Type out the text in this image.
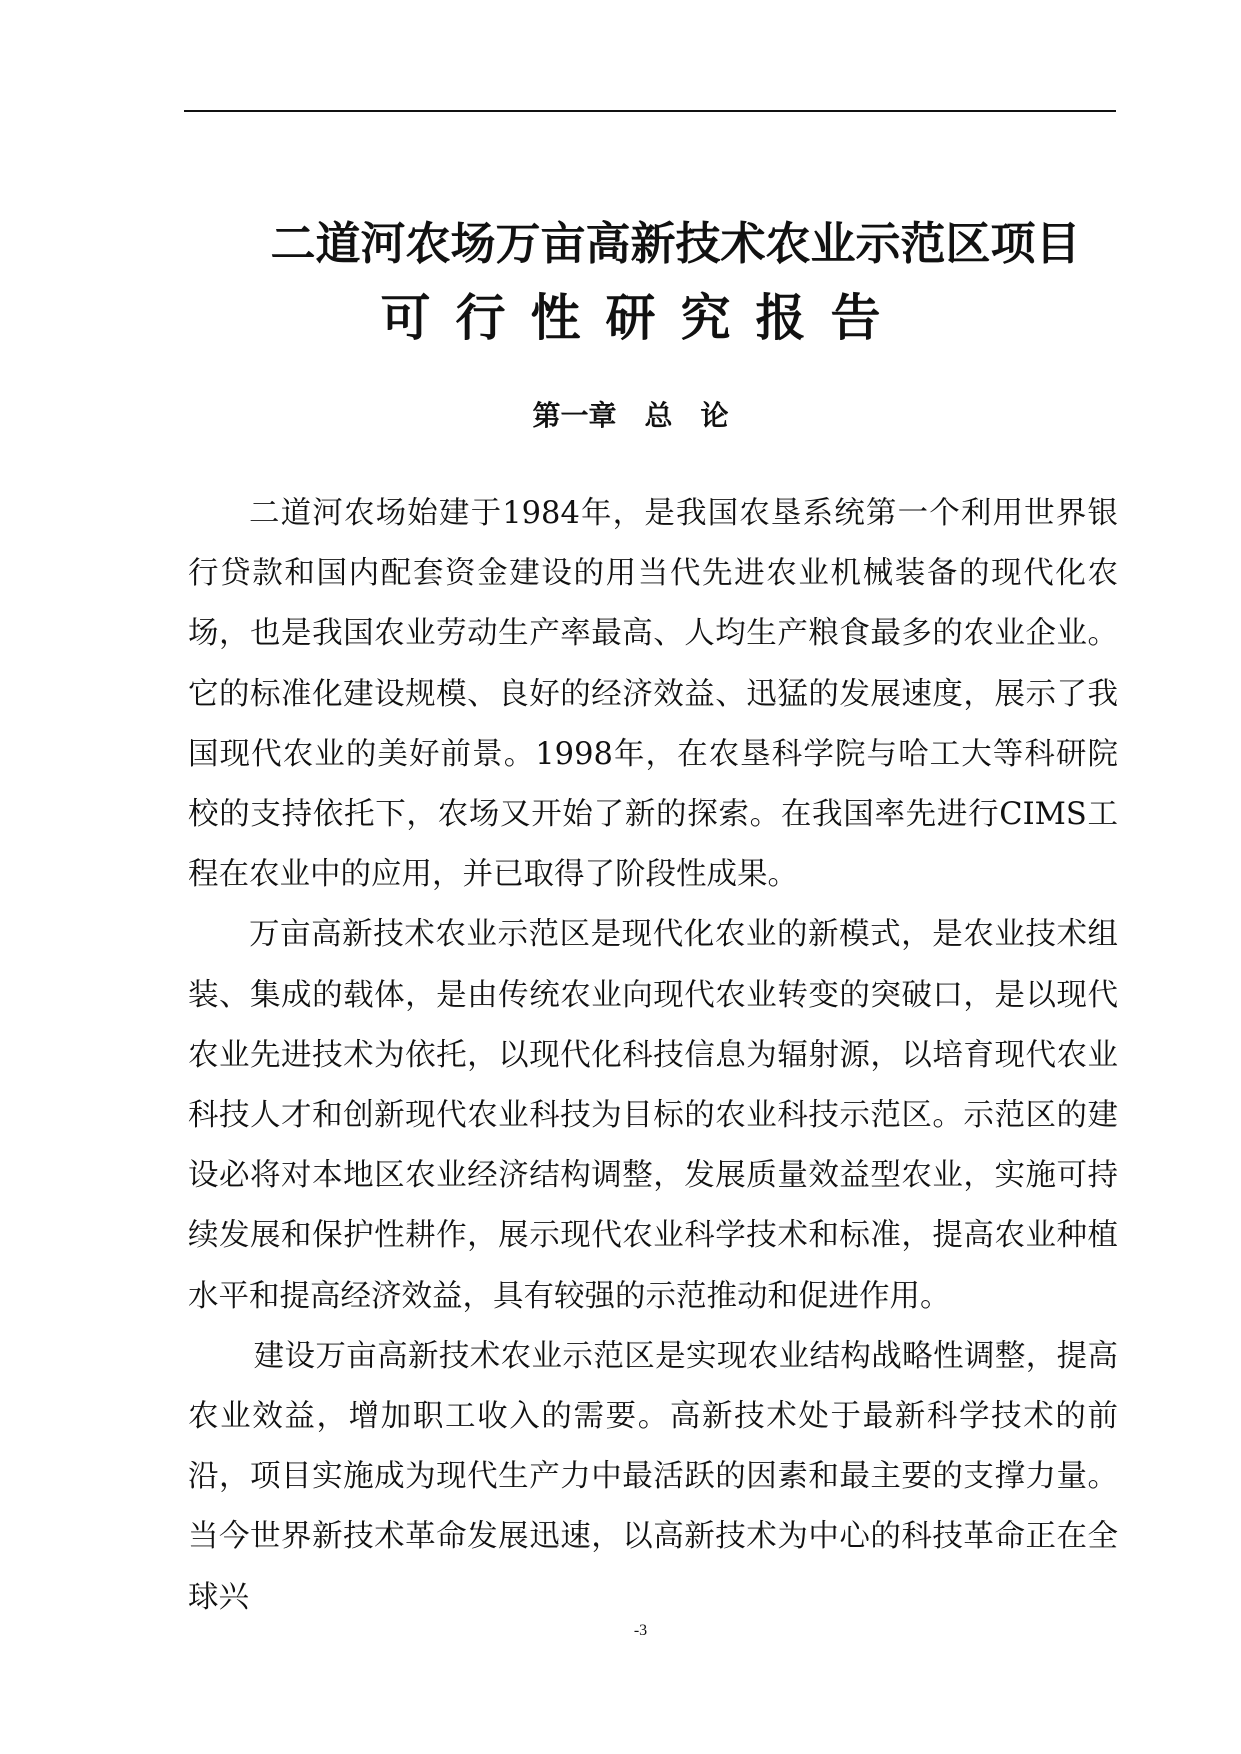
二道河农场万亩高新技术农业示范区项目
可行性研究报告
第一章　总　论

二道河农场始建于1984年，是我国农垦系统第一个利用世界银行贷款和国内配套资金建设的用当代先进农业机械装备的现代化农场，也是我国农业劳动生产率最高、人均生产粮食最多的农业企业。它的标准化建设规模、良好的经济效益、迅猛的发展速度，展示了我国现代农业的美好前景。1998年，在农垦科学院与哈工大等科研院校的支持依托下，农场又开始了新的探索。在我国率先进行CIMS工程在农业中的应用，并已取得了阶段性成果。

万亩高新技术农业示范区是现代化农业的新模式，是农业技术组装、集成的载体，是由传统农业向现代农业转变的突破口，是以现代农业先进技术为依托，以现代化科技信息为辐射源，以培育现代农业科技人才和创新现代农业科技为目标的农业科技示范区。示范区的建设必将对本地区农业经济结构调整，发展质量效益型农业，实施可持续发展和保护性耕作，展示现代农业科学技术和标准，提高农业种植水平和提高经济效益，具有较强的示范推动和促进作用。

建设万亩高新技术农业示范区是实现农业结构战略性调整，提高农业效益，增加职工收入的需要。高新技术处于最新科学技术的前沿，项目实施成为现代生产力中最活跃的因素和最主要的支撑力量。当今世界新技术革命发展迅速，以高新技术为中心的科技革命正在全球兴

-3
